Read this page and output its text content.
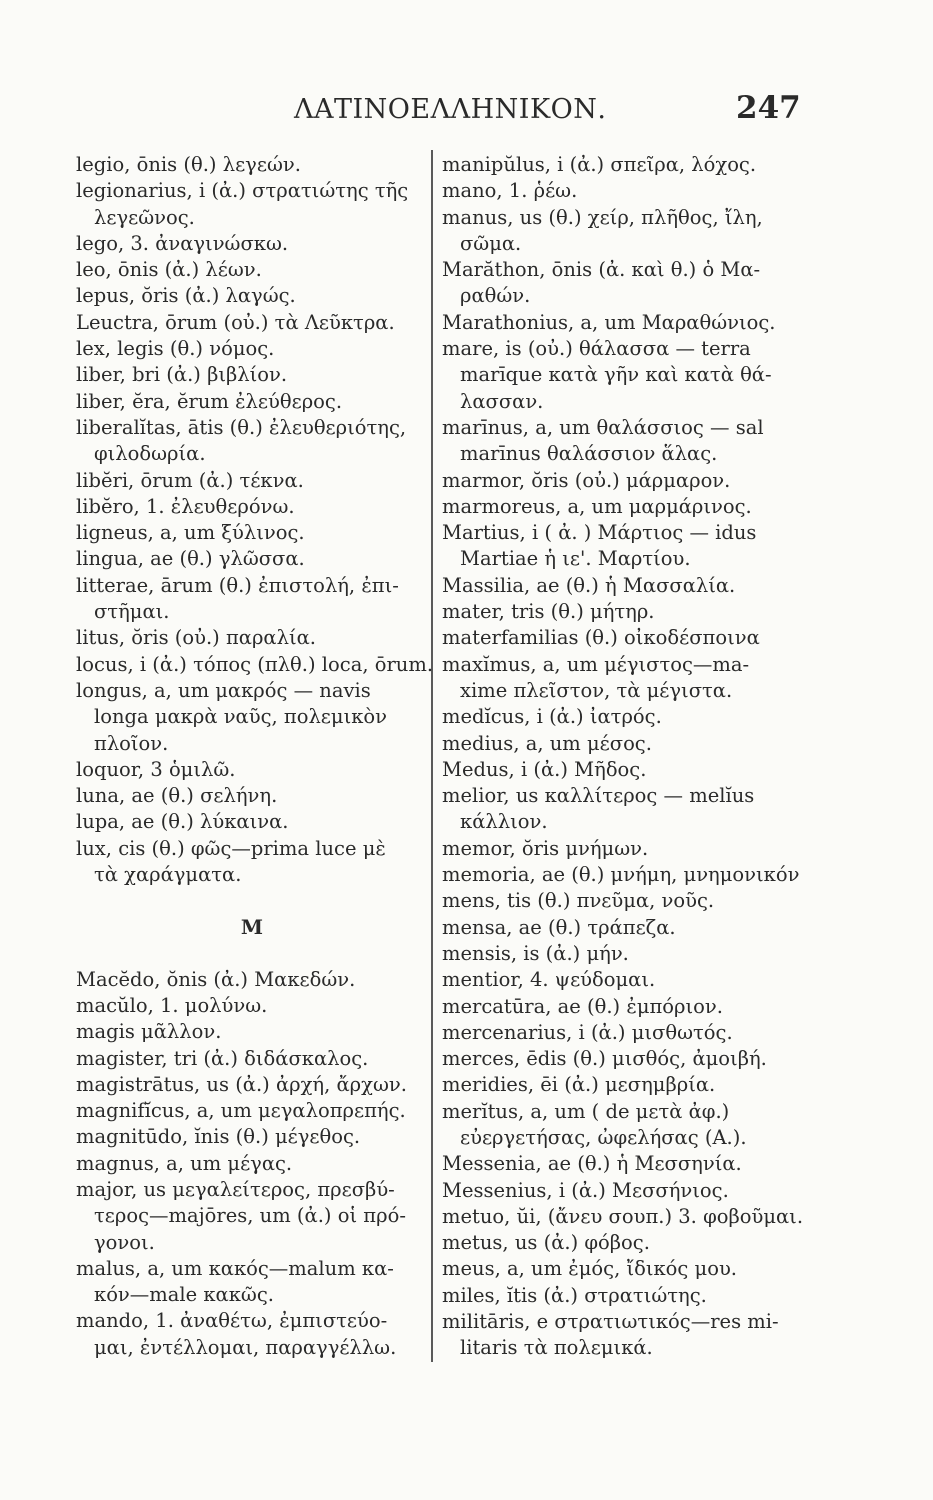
ΛΑΤΙΝΟΕΛΛΗΝΙΚΟΝ.	247
legio, ōnis (θ.) λεγεών.
legionarius, i (ἀ.) στρατιώτης τῆς
λεγεῶνος.
lego, 3. ἀναγινώσκω.
leo, ōnis (ἀ.) λέων.
lepus, ŏris (ἀ.) λαγώς.
Leuctra, ōrum (οὐ.) τὰ Λεῦκτρα.
lex, legis (θ.) νόμος.
liber, bri (ἀ.) βιβλίον.
liber, ĕra, ĕrum ἐλεύθερος.
liberalĭtas, ātis (θ.) ἐλευθεριότης,
φιλοδωρία.
libĕri, ōrum (ἀ.) τέκνα.
libĕro, 1. ἐλευθερόνω.
ligneus, a, um ξύλινος.
lingua, ae (θ.) γλῶσσα.
litterae, ārum (θ.) ἐπιστολή, ἐπι-
στῆμαι.
litus, ŏris (οὐ.) παραλία.
locus, i (ἀ.) τόπος (πλθ.) loca, ōrum.
longus, a, um μακρός — navis
longa μακρὰ ναῦς, πολεμικὸν
πλοῖον.
loquor, 3 ὁμιλῶ.
luna, ae (θ.) σελήνη.
lupa, ae (θ.) λύκαινα.
lux, cis (θ.) φῶς—prima luce μὲ
τὰ χαράγματα.
M
Macĕdo, ŏnis (ἀ.) Μακεδών.
macŭlo, 1. μολύνω.
magis μᾶλλον.
magister, tri (ἀ.) διδάσκαλος.
magistrātus, us (ἀ.) ἀρχή, ἄρχων.
magnifĭcus, a, um μεγαλοπρεπής.
magnitūdo, ĭnis (θ.) μέγεθος.
magnus, a, um μέγας.
major, us μεγαλείτερος, πρεσβύ-
τερος—majōres, um (ἀ.) οἱ πρό-
γονοι.
malus, a, um κακός—malum κα-
κόν—male κακῶς.
mando, 1. ἀναθέτω, ἐμπιστεύο-
μαι, ἐντέλλομαι, παραγγέλλω.
manipŭlus, i (ἀ.) σπεῖρα, λόχος.
mano, 1. ῥέω.
manus, us (θ.) χείρ, πλῆθος, ἴλη,
σῶμα.
Marăthon, ōnis (ἀ. καὶ θ.) ὁ Μα-
ραθών.
Marathonius, a, um Μαραθώνιος.
mare, is (οὐ.) θάλασσα — terra
marīque κατὰ γῆν καὶ κατὰ θά-
λασσαν.
marīnus, a, um θαλάσσιος — sal
marīnus θαλάσσιον ἅλας.
marmor, ŏris (οὐ.) μάρμαρον.
marmoreus, a, um μαρμάρινος.
Martius, i ( ἀ. ) Μάρτιος — idus
Martiae ἡ ιε'. Μαρτίου.
Massilia, ae (θ.) ἡ Μασσαλία.
mater, tris (θ.) μήτηρ.
materfamilias (θ.) οἰκοδέσποινα
maxĭmus, a, um μέγιστος—ma-
xime πλεῖστον, τὰ μέγιστα.
medĭcus, i (ἀ.) ἰατρός.
medius, a, um μέσος.
Medus, i (ἀ.) Μῆδος.
melior, us καλλίτερος — melĭus
κάλλιον.
memor, ŏris μνήμων.
memoria, ae (θ.) μνήμη, μνημονικόν
mens, tis (θ.) πνεῦμα, νοῦς.
mensa, ae (θ.) τράπεζα.
mensis, is (ἀ.) μήν.
mentior, 4. ψεύδομαι.
mercatūra, ae (θ.) ἐμπόριον.
mercenarius, i (ἀ.) μισθωτός.
merces, ēdis (θ.) μισθός, ἀμοιβή.
meridies, ēi (ἀ.) μεσημβρία.
merĭtus, a, um ( de μετὰ ἀφ.)
εὐεργετήσας, ὠφελήσας (Α.).
Messenia, ae (θ.) ἡ Μεσσηνία.
Messenius, i (ἀ.) Μεσσήνιος.
metuo, ŭi, (ἄνευ σουπ.) 3. φοβοῦμαι.
metus, us (ἀ.) φόβος.
meus, a, um ἐμός, ἴδικός μου.
miles, ĭtis (ἀ.) στρατιώτης.
militāris, e στρατιωτικός—res mi-
litaris τὰ πολεμικά.
